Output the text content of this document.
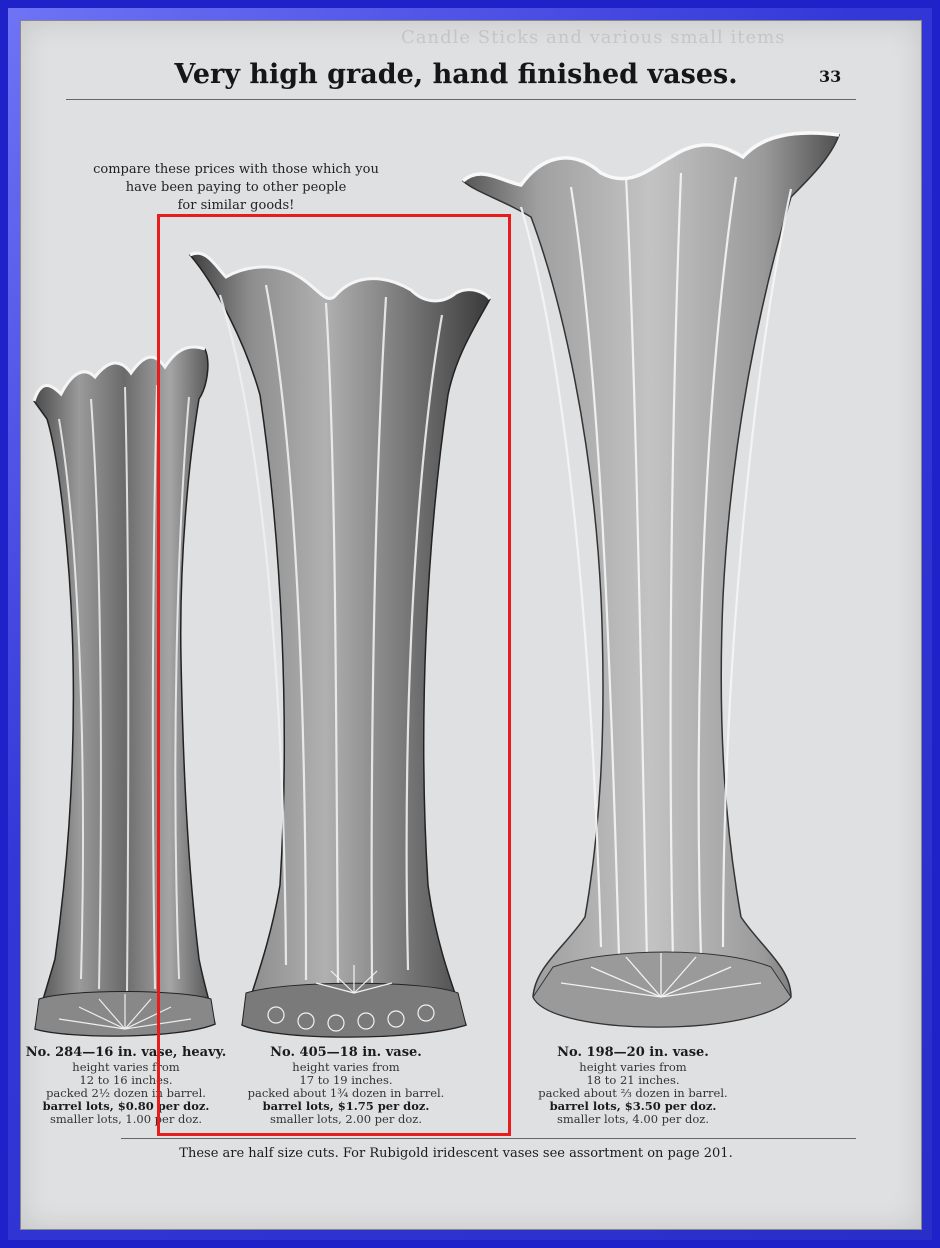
Candle Sticks and various small items
Very high grade, hand finished vases.	33
compare these prices with those which you
have been paying to other people
for similar goods!
No. 284—16 in. vase, heavy.
height varies from
12 to 16 inches.
packed 2½ dozen in barrel.
barrel lots, $0.80 per doz.
smaller lots, 1.00 per doz.
No. 405—18 in. vase.
height varies from
17 to 19 inches.
packed about 1¾ dozen in barrel.
barrel lots, $1.75 per doz.
smaller lots, 2.00 per doz.
No. 198—20 in. vase.
height varies from
18 to 21 inches.
packed about ⅔ dozen in barrel.
barrel lots, $3.50 per doz.
smaller lots, 4.00 per doz.
These are half size cuts. For Rubigold iridescent vases see assortment on page 201.
